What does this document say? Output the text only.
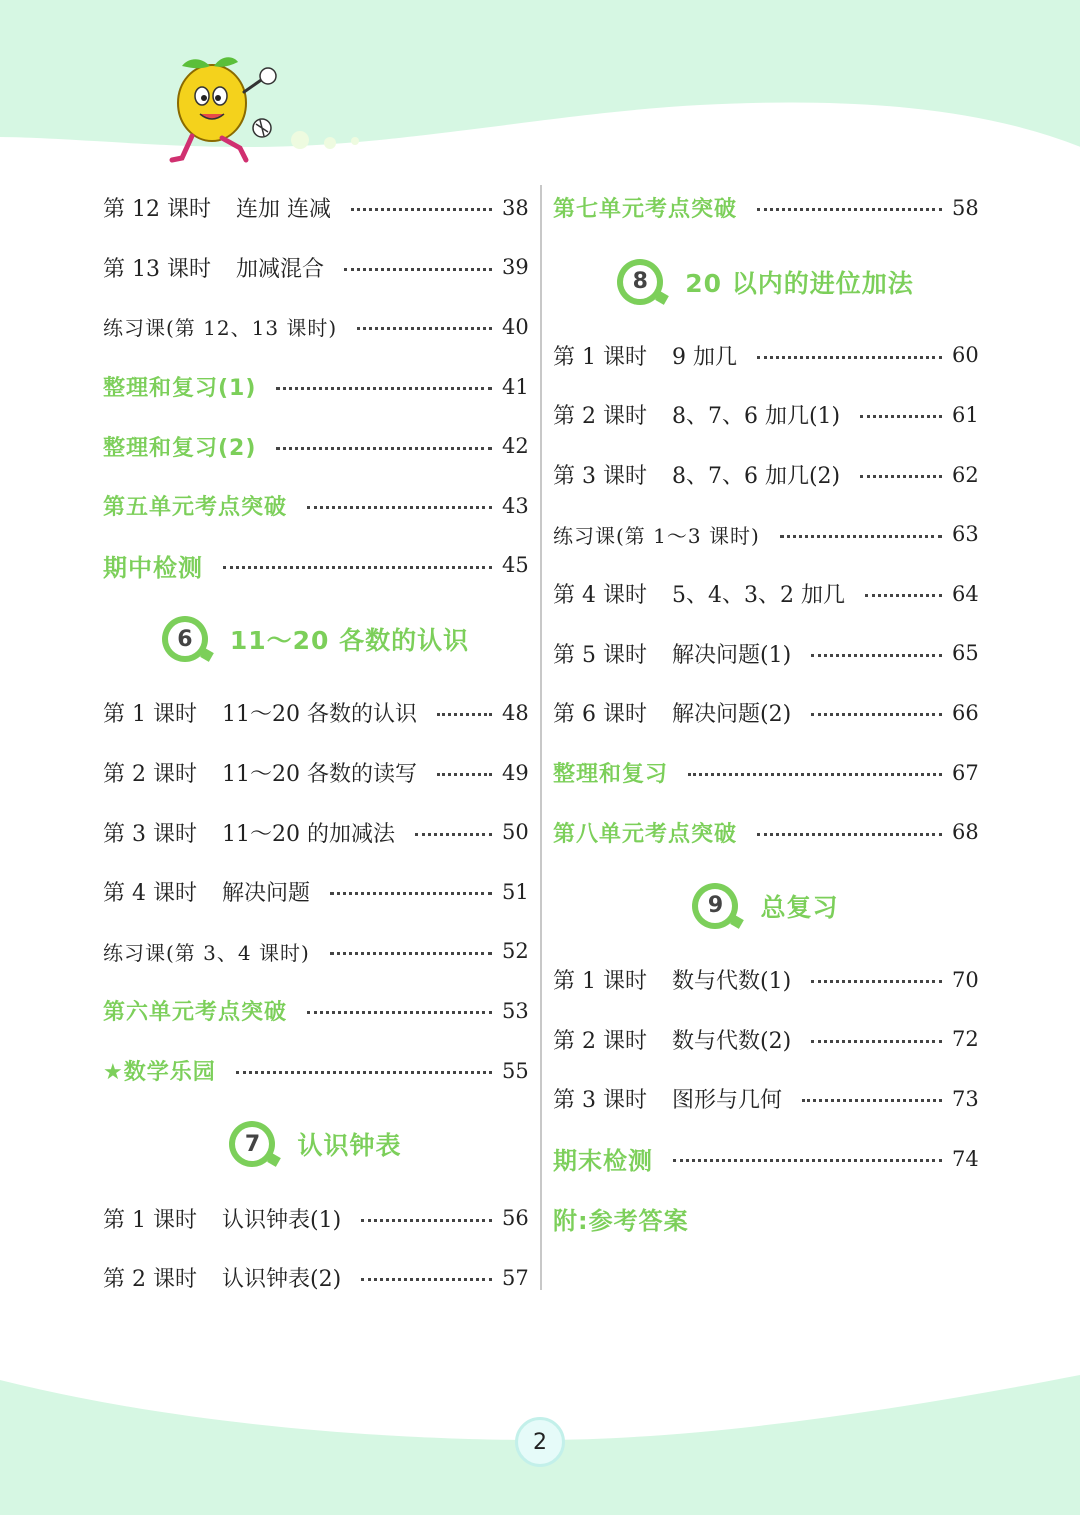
第 12 课时 连加 连减	38
第 13 课时 加减混合	39
练习课(第 12、13 课时)	40
整理和复习(1)	41
整理和复习(2)	42
第五单元考点突破	43
期中检测	45
6	11～20 各数的认识
第 1 课时 11～20 各数的认识	48
第 2 课时 11～20 各数的读写	49
第 3 课时 11～20 的加减法	50
第 4 课时 解决问题	51
练习课(第 3、4 课时)	52
第六单元考点突破	53
★数学乐园	55
7	认识钟表
第 1 课时 认识钟表(1)	56
第 2 课时 认识钟表(2)	57
第七单元考点突破	58
8	20 以内的进位加法
第 1 课时 9 加几	60
第 2 课时 8、7、6 加几(1)	61
第 3 课时 8、7、6 加几(2)	62
练习课(第 1～3 课时)	63
第 4 课时 5、4、3、2 加几	64
第 5 课时 解决问题(1)	65
第 6 课时 解决问题(2)	66
整理和复习	67
第八单元考点突破	68
9	总复习
第 1 课时 数与代数(1)	70
第 2 课时 数与代数(2)	72
第 3 课时 图形与几何	73
期末检测	74
附:参考答案
2
